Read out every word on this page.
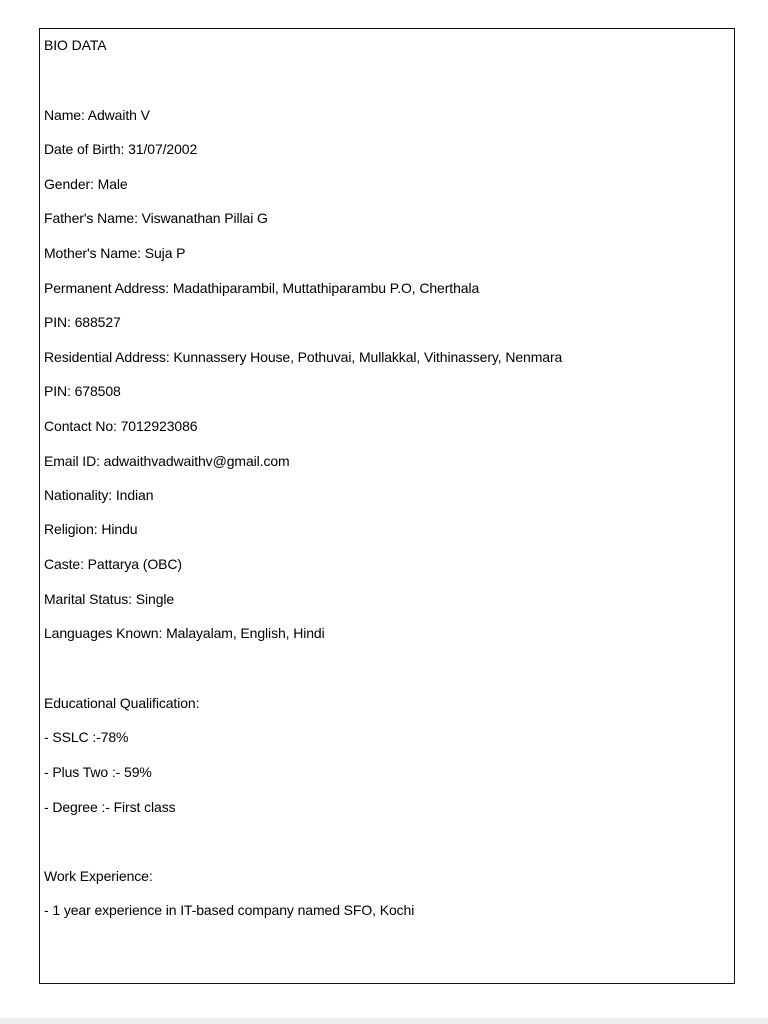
BIO DATA
Name: Adwaith V
Date of Birth: 31/07/2002
Gender: Male
Father's Name: Viswanathan Pillai G
Mother's Name: Suja P
Permanent Address: Madathiparambil, Muttathiparambu P.O, Cherthala
PIN: 688527
Residential Address: Kunnassery House, Pothuvai, Mullakkal, Vithinassery, Nenmara
PIN: 678508
Contact No: 7012923086
Email ID: adwaithvadwaithv@gmail.com
Nationality: Indian
Religion: Hindu
Caste: Pattarya (OBC)
Marital Status: Single
Languages Known: Malayalam, English, Hindi
Educational Qualification:
- SSLC :-78%
- Plus Two :- 59%
- Degree :- First class
Work Experience:
- 1 year experience in IT-based company named SFO, Kochi
